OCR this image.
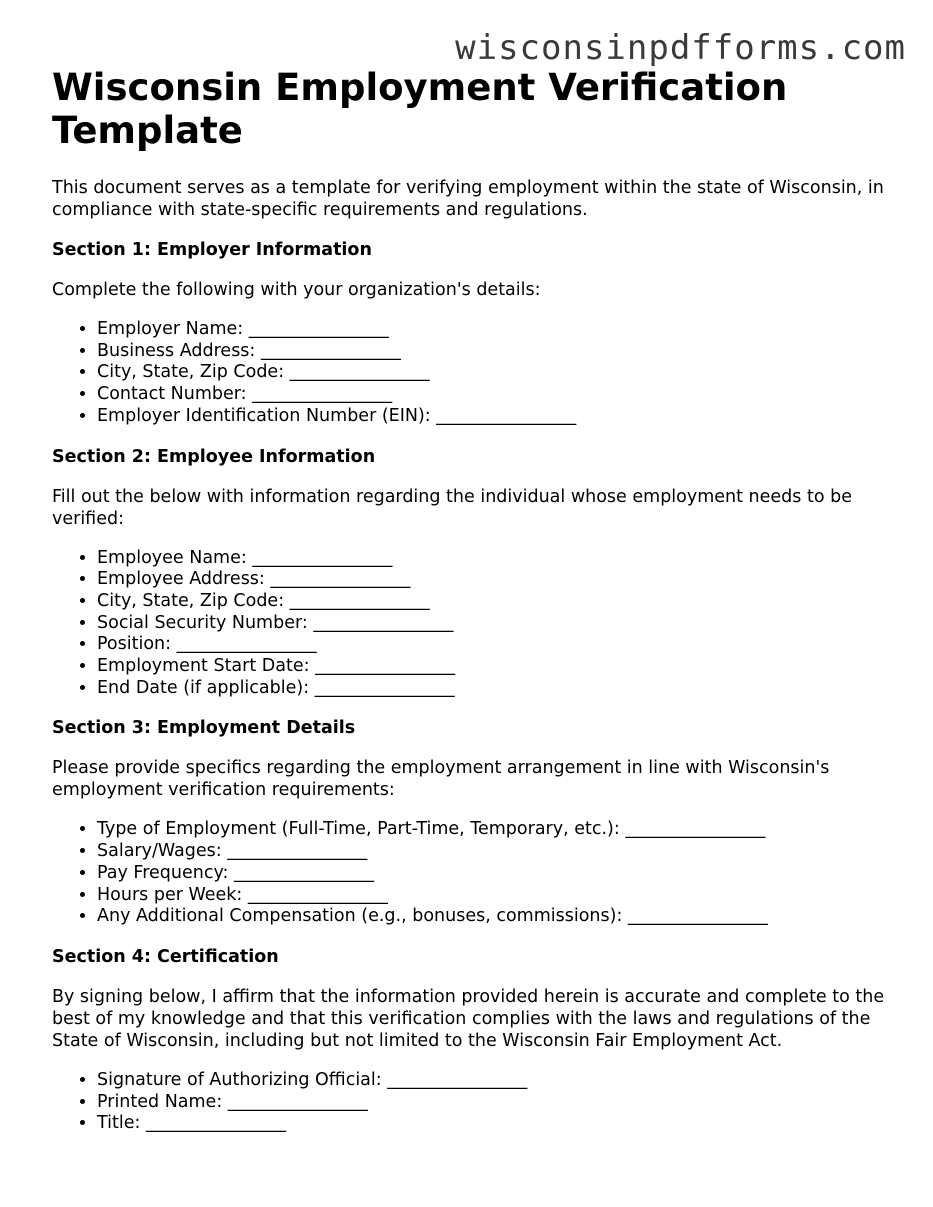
wisconsinpdfforms.com
Wisconsin Employment Verification Template

This document serves as a template for verifying employment within the state of Wisconsin, in compliance with state-specific requirements and regulations.

Section 1: Employer Information

Complete the following with your organization's details:

• Employer Name: ________________
• Business Address: ________________
• City, State, Zip Code: ________________
• Contact Number: ________________
• Employer Identification Number (EIN): ________________
Section 2: Employee Information

Fill out the below with information regarding the individual whose employment needs to be verified:

• Employee Name: ________________
• Employee Address: ________________
• City, State, Zip Code: ________________
• Social Security Number: ________________
• Position: ________________
• Employment Start Date: ________________
• End Date (if applicable): ________________
Section 3: Employment Details

Please provide specifics regarding the employment arrangement in line with Wisconsin's employment verification requirements:

• Type of Employment (Full-Time, Part-Time, Temporary, etc.): ________________
• Salary/Wages: ________________
• Pay Frequency: ________________
• Hours per Week: ________________
• Any Additional Compensation (e.g., bonuses, commissions): ________________
Section 4: Certification

By signing below, I affirm that the information provided herein is accurate and complete to the best of my knowledge and that this verification complies with the laws and regulations of the State of Wisconsin, including but not limited to the Wisconsin Fair Employment Act.

• Signature of Authorizing Official: ________________
• Printed Name: ________________
• Title: ________________
